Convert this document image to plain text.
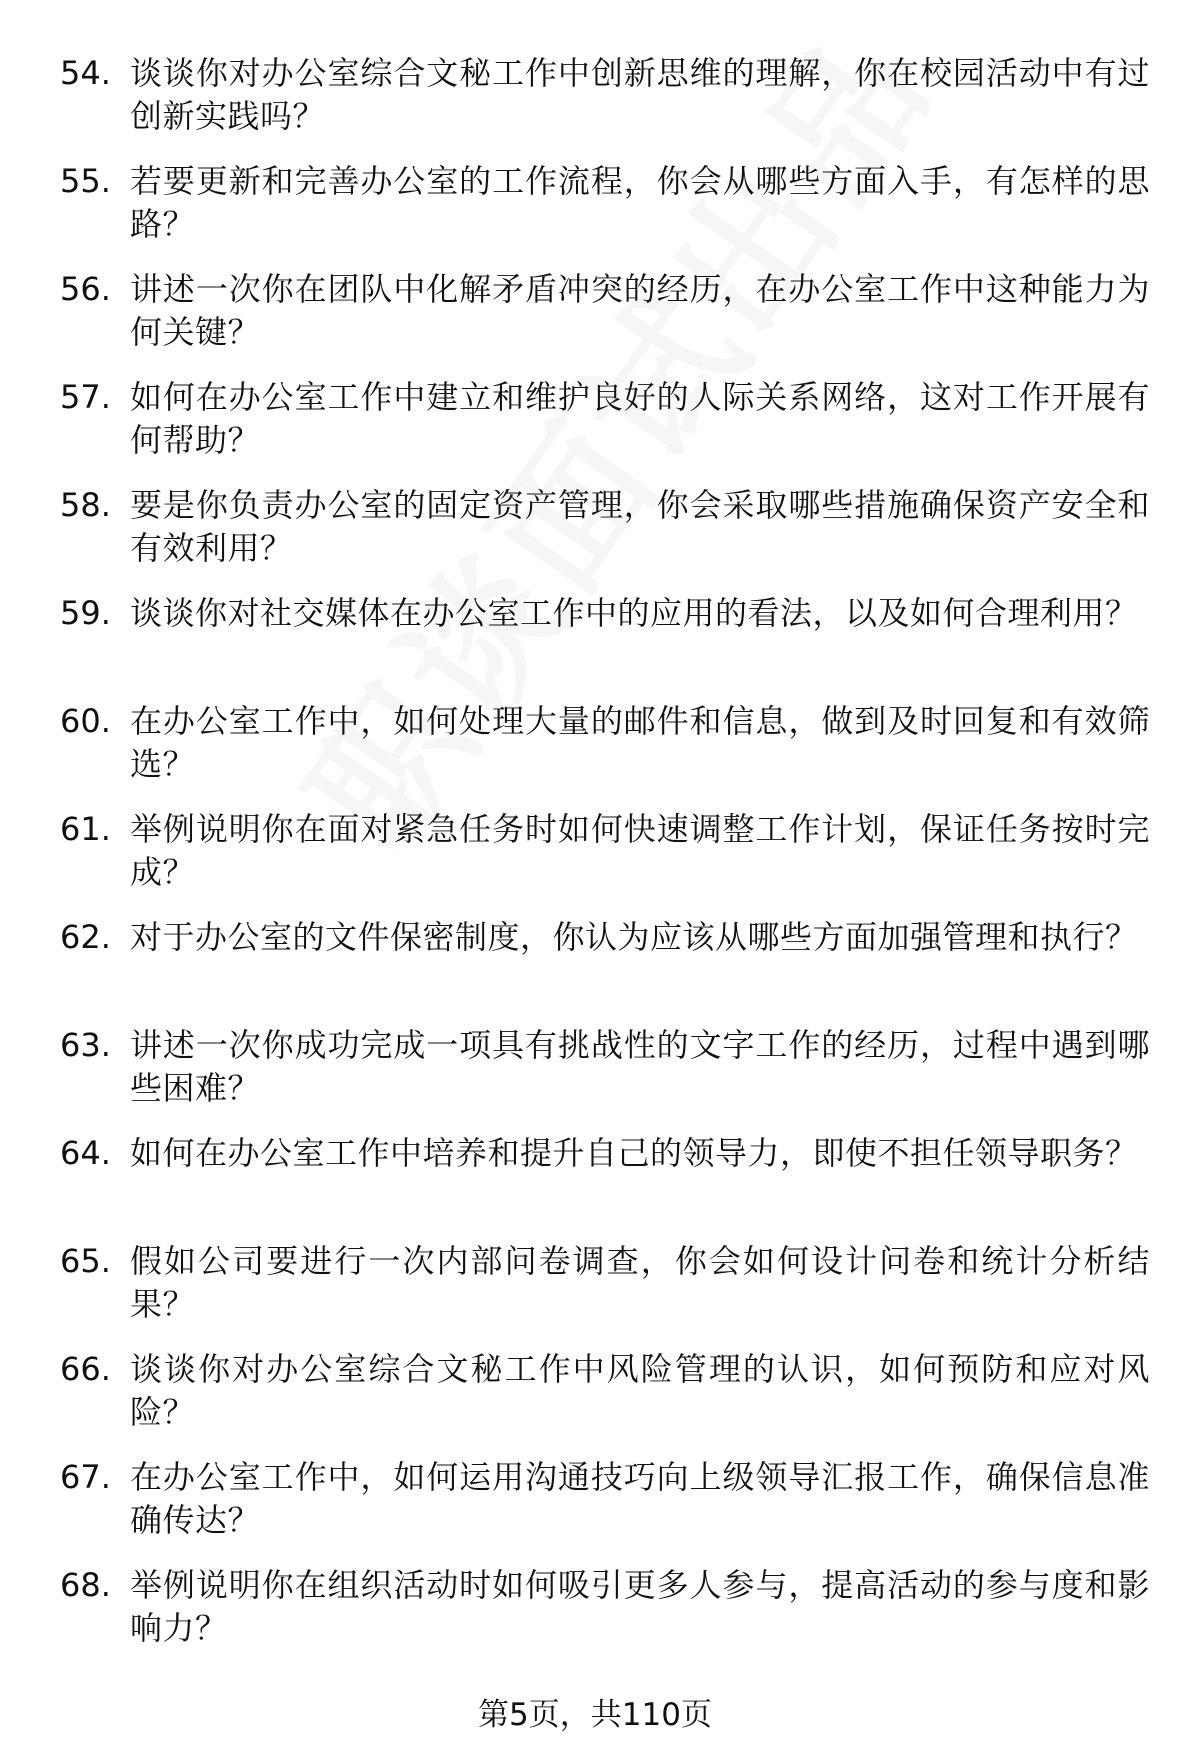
54. 谈谈你对办公室综合文秘工作中创新思维的理解，你在校园活动中有过创新实践吗？
55. 若要更新和完善办公室的工作流程，你会从哪些方面入手，有怎样的思路？
56. 讲述一次你在团队中化解矛盾冲突的经历，在办公室工作中这种能力为何关键？
57. 如何在办公室工作中建立和维护良好的人际关系网络，这对工作开展有何帮助？
58. 要是你负责办公室的固定资产管理，你会采取哪些措施确保资产安全和有效利用？
59. 谈谈你对社交媒体在办公室工作中的应用的看法，以及如何合理利用？
60. 在办公室工作中，如何处理大量的邮件和信息，做到及时回复和有效筛选？
61. 举例说明你在面对紧急任务时如何快速调整工作计划，保证任务按时完成？
62. 对于办公室的文件保密制度，你认为应该从哪些方面加强管理和执行？
63. 讲述一次你成功完成一项具有挑战性的文字工作的经历，过程中遇到哪些困难？
64. 如何在办公室工作中培养和提升自己的领导力，即使不担任领导职务？
65. 假如公司要进行一次内部问卷调查，你会如何设计问卷和统计分析结果？
66. 谈谈你对办公室综合文秘工作中风险管理的认识，如何预防和应对风险？
67. 在办公室工作中，如何运用沟通技巧向上级领导汇报工作，确保信息准确传达？
68. 举例说明你在组织活动时如何吸引更多人参与，提高活动的参与度和影响力？
第5页，共110页
